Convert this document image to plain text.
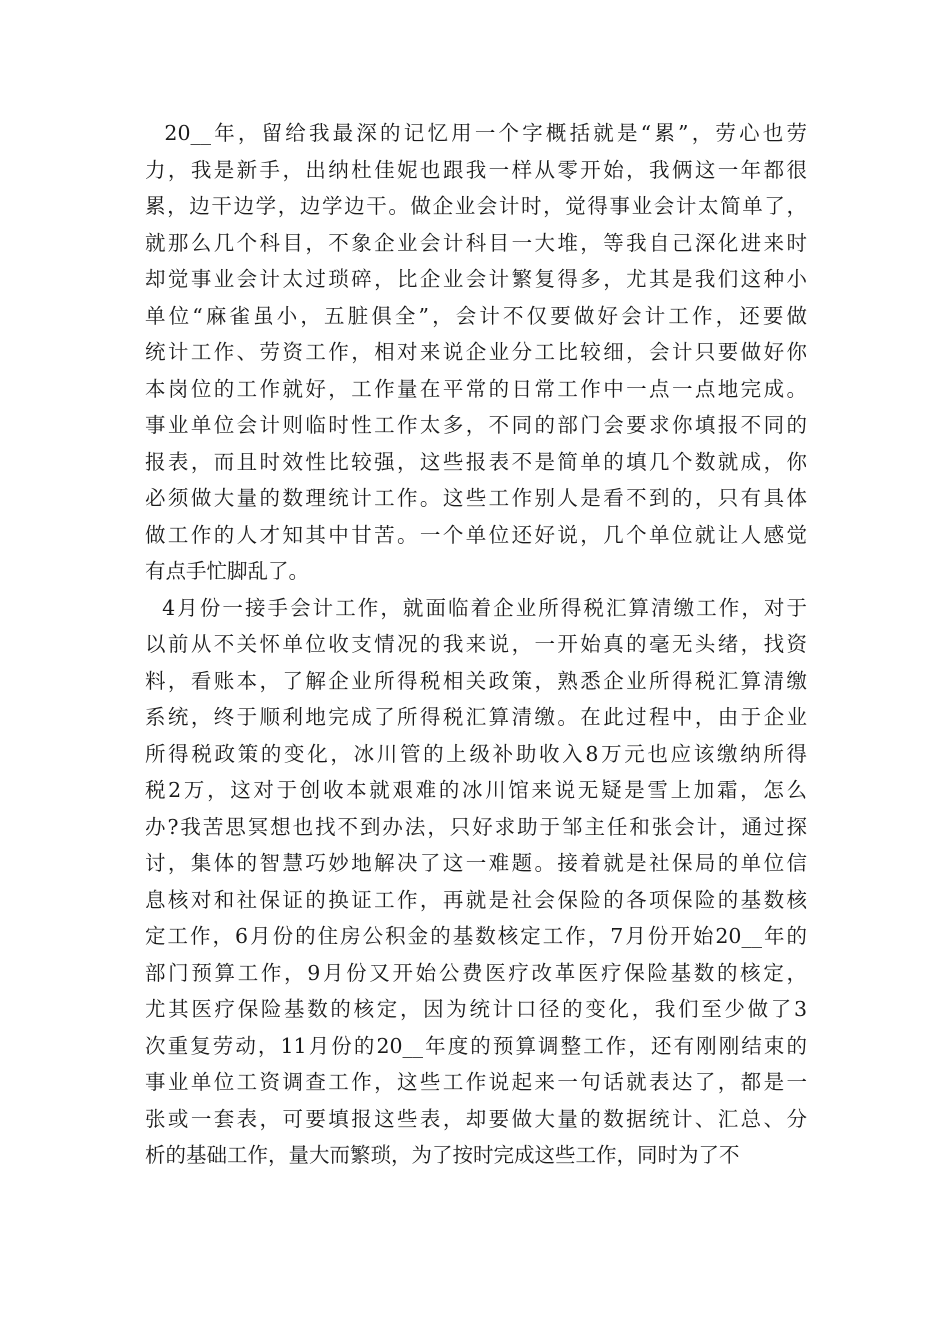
20__年，留给我最深的记忆用一个字概括就是“累”，劳心也劳
力，我是新手，出纳杜佳妮也跟我一样从零开始，我俩这一年都很
累，边干边学，边学边干。做企业会计时，觉得事业会计太简单了，
就那么几个科目，不象企业会计科目一大堆，等我自己深化进来时
却觉事业会计太过琐碎，比企业会计繁复得多，尤其是我们这种小
单位“麻雀虽小，五脏俱全”，会计不仅要做好会计工作，还要做
统计工作、劳资工作，相对来说企业分工比较细，会计只要做好你
本岗位的工作就好，工作量在平常的日常工作中一点一点地完成。
事业单位会计则临时性工作太多，不同的部门会要求你填报不同的
报表，而且时效性比较强，这些报表不是简单的填几个数就成，你
必须做大量的数理统计工作。这些工作别人是看不到的，只有具体
做工作的人才知其中甘苦。一个单位还好说，几个单位就让人感觉
有点手忙脚乱了。
4月份一接手会计工作，就面临着企业所得税汇算清缴工作，对于
以前从不关怀单位收支情况的我来说，一开始真的毫无头绪，找资
料，看账本，了解企业所得税相关政策，熟悉企业所得税汇算清缴
系统，终于顺利地完成了所得税汇算清缴。在此过程中，由于企业
所得税政策的变化，冰川管的上级补助收入8万元也应该缴纳所得
税2万，这对于创收本就艰难的冰川馆来说无疑是雪上加霜，怎么
办?我苦思冥想也找不到办法，只好求助于邹主任和张会计，通过探
讨，集体的智慧巧妙地解决了这一难题。接着就是社保局的单位信
息核对和社保证的换证工作，再就是社会保险的各项保险的基数核
定工作，6月份的住房公积金的基数核定工作，7月份开始20__年的
部门预算工作，9月份又开始公费医疗改革医疗保险基数的核定，
尤其医疗保险基数的核定，因为统计口径的变化，我们至少做了3
次重复劳动，11月份的20__年度的预算调整工作，还有刚刚结束的
事业单位工资调查工作，这些工作说起来一句话就表达了，都是一
张或一套表，可要填报这些表，却要做大量的数据统计、汇总、分
析的基础工作，量大而繁琐，为了按时完成这些工作，同时为了不
